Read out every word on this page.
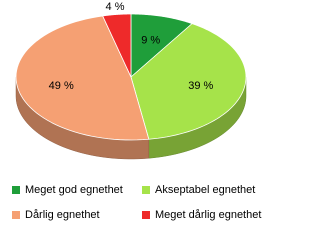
9 %
39 %
49 %
4 %
Meget god egnethet	Akseptabel egnethet
Dårlig egnethet	Meget dårlig egnethet
